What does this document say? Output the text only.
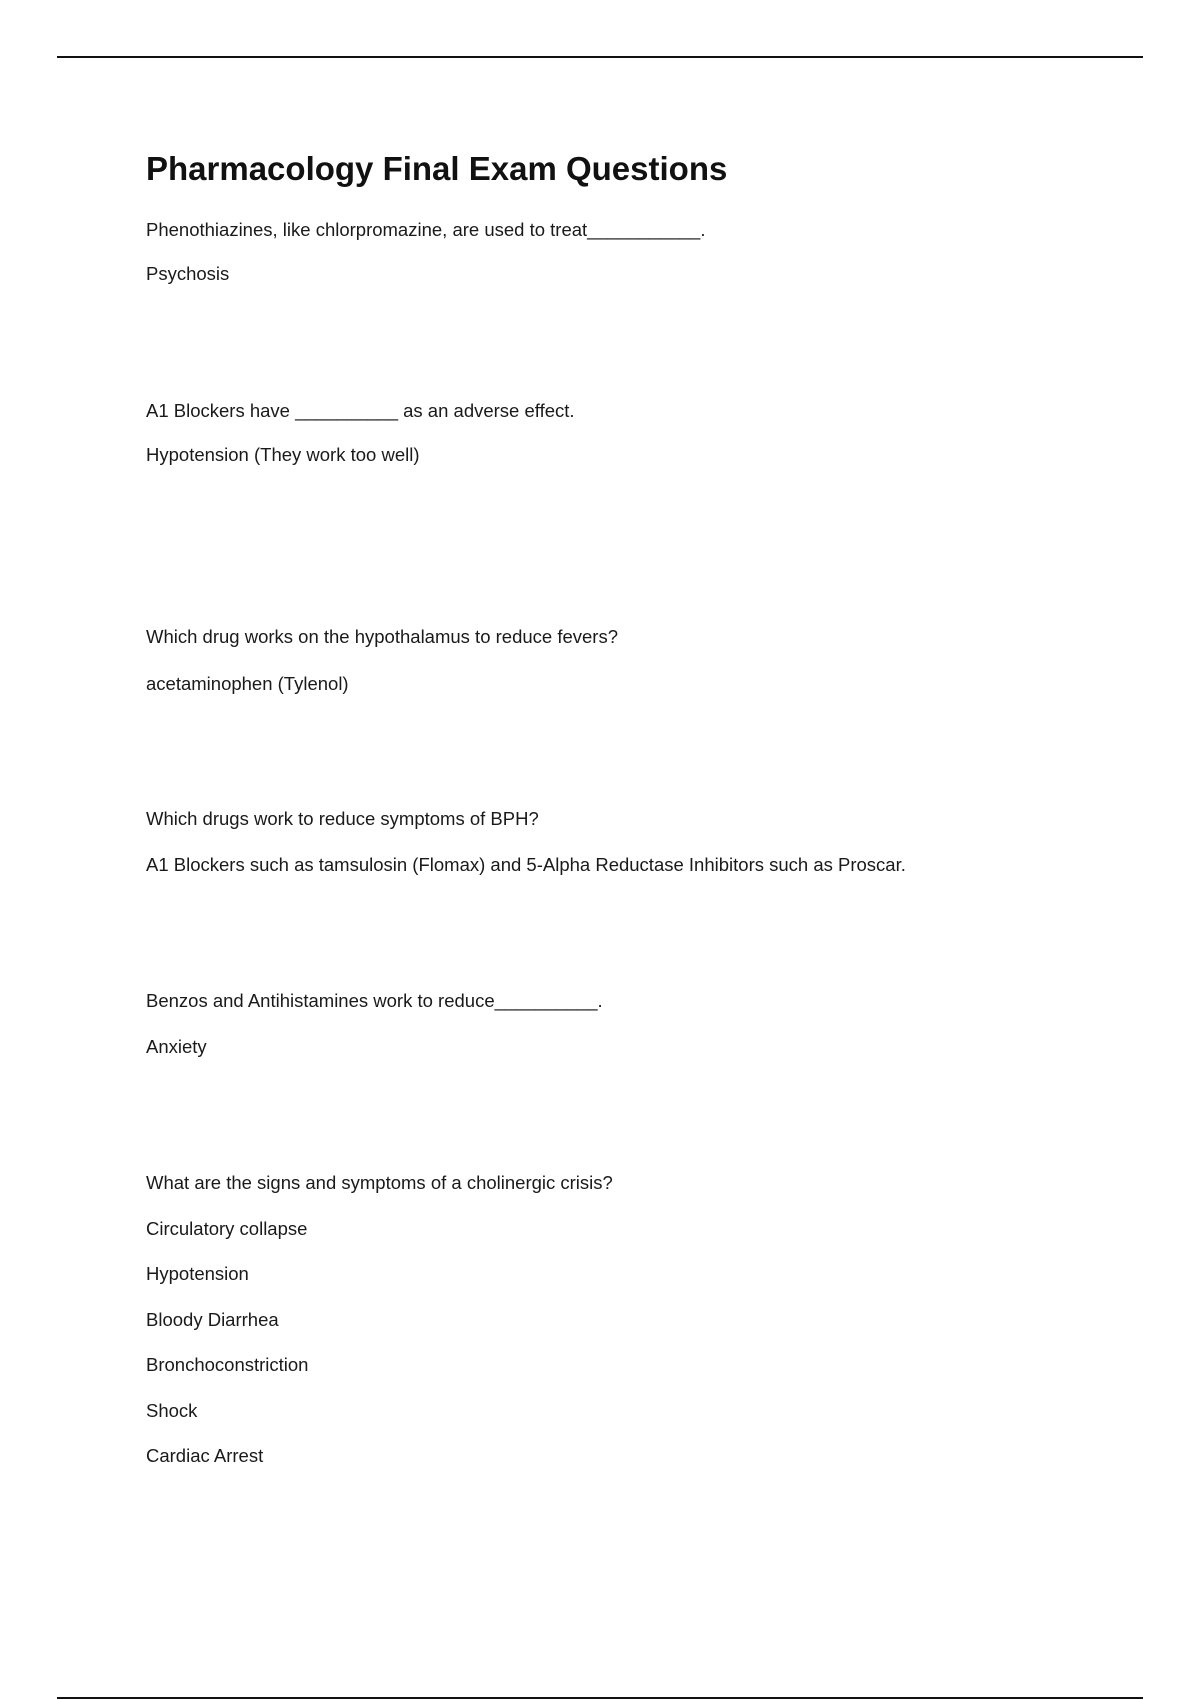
Pharmacology Final Exam Questions

Phenothiazines, like chlorpromazine, are used to treat___________.

Psychosis

A1 Blockers have __________ as an adverse effect.

Hypotension (They work too well)

Which drug works on the hypothalamus to reduce fevers?

acetaminophen (Tylenol)

Which drugs work to reduce symptoms of BPH?

A1 Blockers such as tamsulosin (Flomax) and 5-Alpha Reductase Inhibitors such as Proscar.

Benzos and Antihistamines work to reduce__________.

Anxiety

What are the signs and symptoms of a cholinergic crisis?

Circulatory collapse

Hypotension

Bloody Diarrhea

Bronchoconstriction

Shock

Cardiac Arrest
